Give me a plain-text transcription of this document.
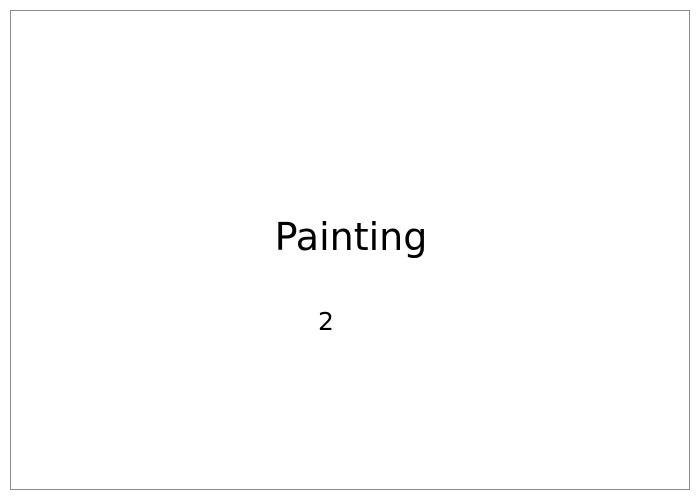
Painting
2
